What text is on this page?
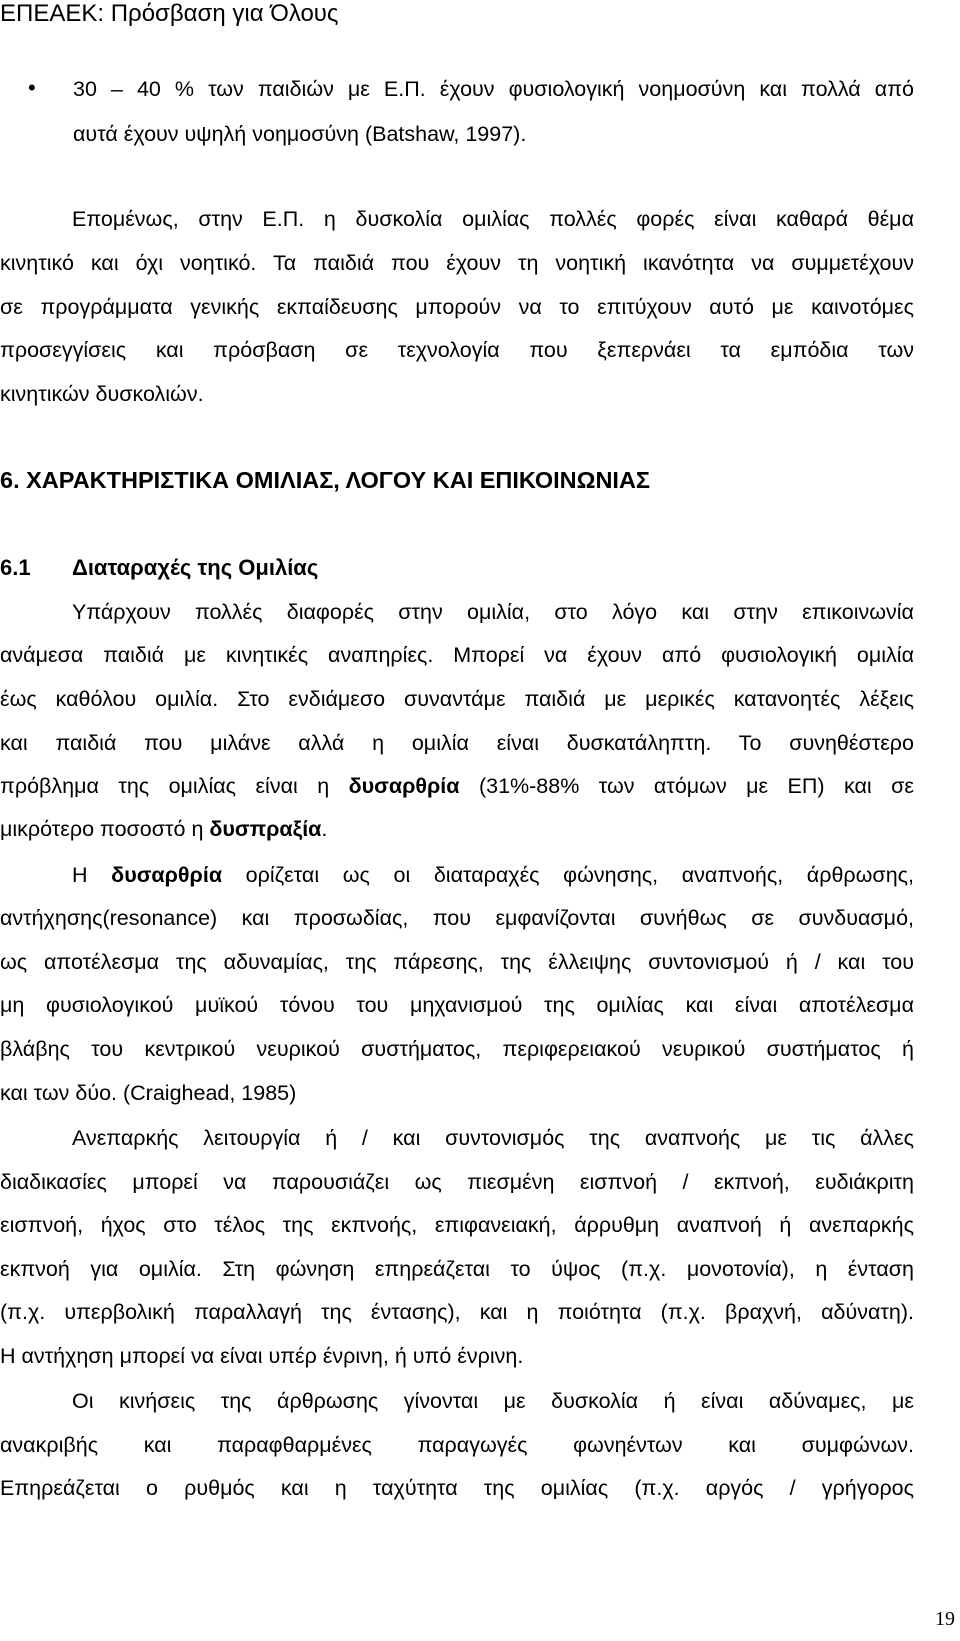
ΕΠΕΑΕΚ: Πρόσβαση για Όλους
• 30 – 40 % των παιδιών με Ε.Π. έχουν φυσιολογική νοημοσύνη και πολλά από
αυτά έχουν υψηλή νοημοσύνη (Batshaw, 1997).
Επομένως, στην Ε.Π. η δυσκολία ομιλίας πολλές φορές είναι καθαρά θέμα
κινητικό και όχι νοητικό. Τα παιδιά που έχουν τη νοητική ικανότητα να συμμετέχουν
σε προγράμματα γενικής εκπαίδευσης μπορούν να το επιτύχουν αυτό με καινοτόμες
προσεγγίσεις και πρόσβαση σε τεχνολογία που ξεπερνάει τα εμπόδια των
κινητικών δυσκολιών.
6. ΧΑΡΑΚΤΗΡΙΣΤΙΚΑ ΟΜΙΛΙΑΣ, ΛΟΓΟΥ ΚΑΙ ΕΠΙΚΟΙΝΩΝΙΑΣ
6.1 Διαταραχές της Ομιλίας
Υπάρχουν πολλές διαφορές στην ομιλία, στο λόγο και στην επικοινωνία
ανάμεσα παιδιά με κινητικές αναπηρίες. Μπορεί να έχουν από φυσιολογική ομιλία
έως καθόλου ομιλία. Στο ενδιάμεσο συναντάμε παιδιά με μερικές κατανοητές λέξεις
και παιδιά που μιλάνε αλλά η ομιλία είναι δυσκατάληπτη. Το συνηθέστερο
πρόβλημα της ομιλίας είναι η δυσαρθρία (31%-88% των ατόμων με ΕΠ) και σε
μικρότερο ποσοστό η δυσπραξία.
Η δυσαρθρία ορίζεται ως οι διαταραχές φώνησης, αναπνοής, άρθρωσης,
αντήχησης(resonance) και προσωδίας, που εμφανίζονται συνήθως σε συνδυασμό,
ως αποτέλεσμα της αδυναμίας, της πάρεσης, της έλλειψης συντονισμού ή / και του
μη φυσιολογικού μυϊκού τόνου του μηχανισμού της ομιλίας και είναι αποτέλεσμα
βλάβης του κεντρικού νευρικού συστήματος, περιφερειακού νευρικού συστήματος ή
και των δύο. (Craighead, 1985)
Ανεπαρκής λειτουργία ή / και συντονισμός της αναπνοής με τις άλλες
διαδικασίες μπορεί να παρουσιάζει ως πιεσμένη εισπνοή / εκπνοή, ευδιάκριτη
εισπνοή, ήχος στο τέλος της εκπνοής, επιφανειακή, άρρυθμη αναπνοή ή ανεπαρκής
εκπνοή για ομιλία. Στη φώνηση επηρεάζεται το ύψος (π.χ. μονοτονία), η ένταση
(π.χ. υπερβολική παραλλαγή της έντασης), και η ποιότητα (π.χ. βραχνή, αδύνατη).
Η αντήχηση μπορεί να είναι υπέρ ένρινη, ή υπό ένρινη.
Οι κινήσεις της άρθρωσης γίνονται με δυσκολία ή είναι αδύναμες, με
ανακριβής και παραφθαρμένες παραγωγές φωνηέντων και συμφώνων.
Επηρεάζεται ο ρυθμός και η ταχύτητα της ομιλίας (π.χ. αργός / γρήγορος
19
